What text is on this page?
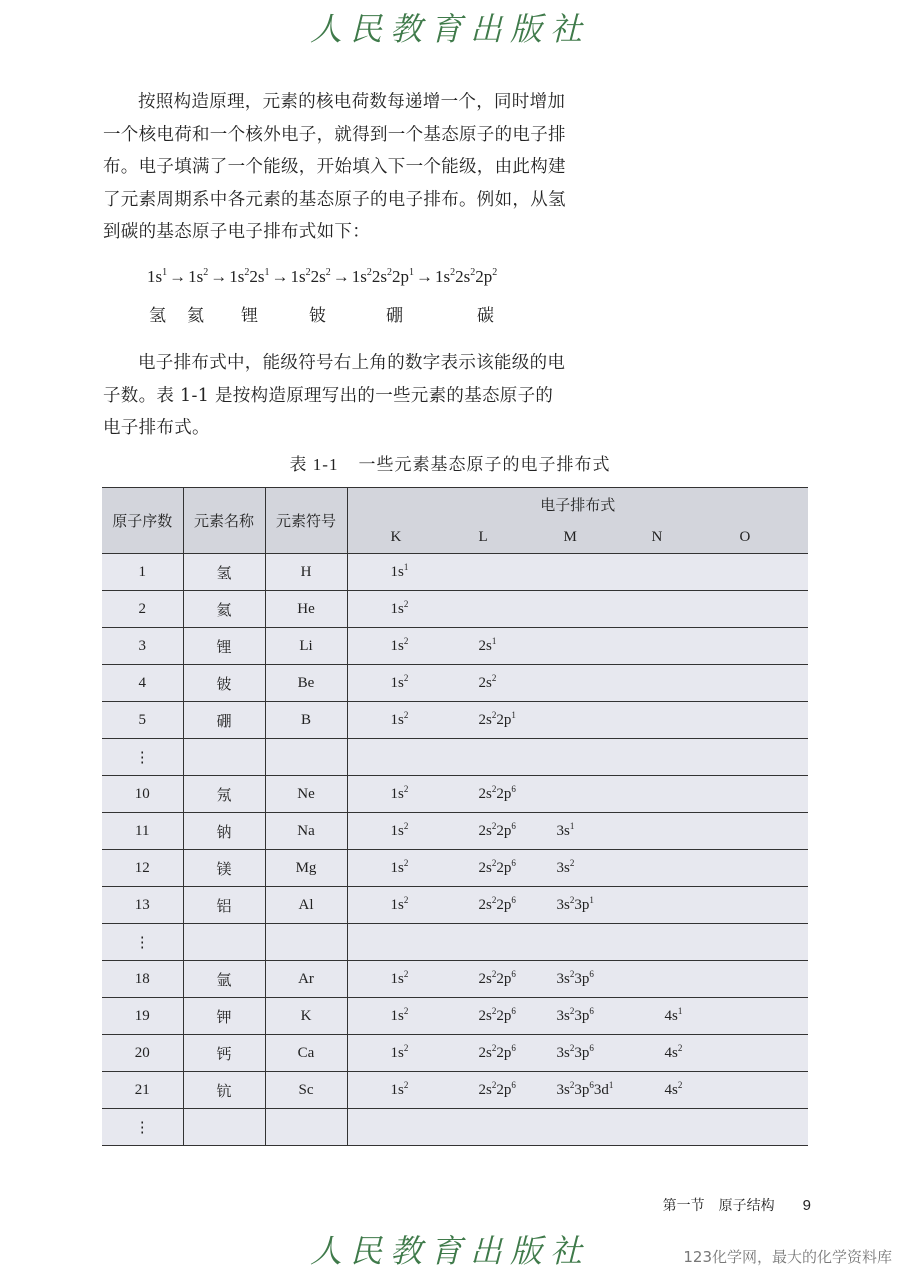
人民教育出版社

按照构造原理，元素的核电荷数每递增一个，同时增加一个核电荷和一个核外电子，就得到一个基态原子的电子排布。电子填满了一个能级，开始填入下一个能级，由此构建了元素周期系中各元素的基态原子的电子排布。例如，从氢到碳的基态原子电子排布式如下：

$1s^1 \to 1s^2 \to 1s^22s^1 \to 1s^22s^2 \to 1s^22s^22p^1 \to 1s^22s^22p^2$
氢 氦 锂	铍	硼	碳

电子排布式中，能级符号右上角的数字表示该能级的电子数。表 1-1 是按构造原理写出的一些元素的基态原子的电子排布式。

表 1-1 一些元素基态原子的电子排布式
原子序数	元素名称	元素符号	电子排布式

			K L M N O

1	氢	H	$1s^1$

2	氦	He	$1s^2$

3	锂	Li	$1s^2$ $2s^1$

4	铍	Be	$1s^2$ $2s^2$

5	硼	B	$1s^2$ $2s^22p^1$

⋮			
10	氖	Ne	$1s^2$ $2s^22p^6$

11	钠	Na	$1s^2$ $2s^22p^6$ $3s^1$

12	镁	Mg	$1s^2$ $2s^22p^6$ $3s^2$

13	铝	Al	$1s^2$ $2s^22p^6$ $3s^23p^1$

⋮			
18	氩	Ar	$1s^2$ $2s^22p^6$ $3s^23p^6$

19	钾	K	$1s^2$ $2s^22p^6$ $3s^23p^6$ $4s^1$

20	钙	Ca	$1s^2$ $2s^22p^6$ $3s^23p^6$ $4s^2$

21	钪	Sc	$1s^2$ $2s^22p^6$ $3s^23p^63d^1$ $4s^2$

⋮			
第一节　原子结构 9
人民教育出版社	123化学网，最大的化学资料库
